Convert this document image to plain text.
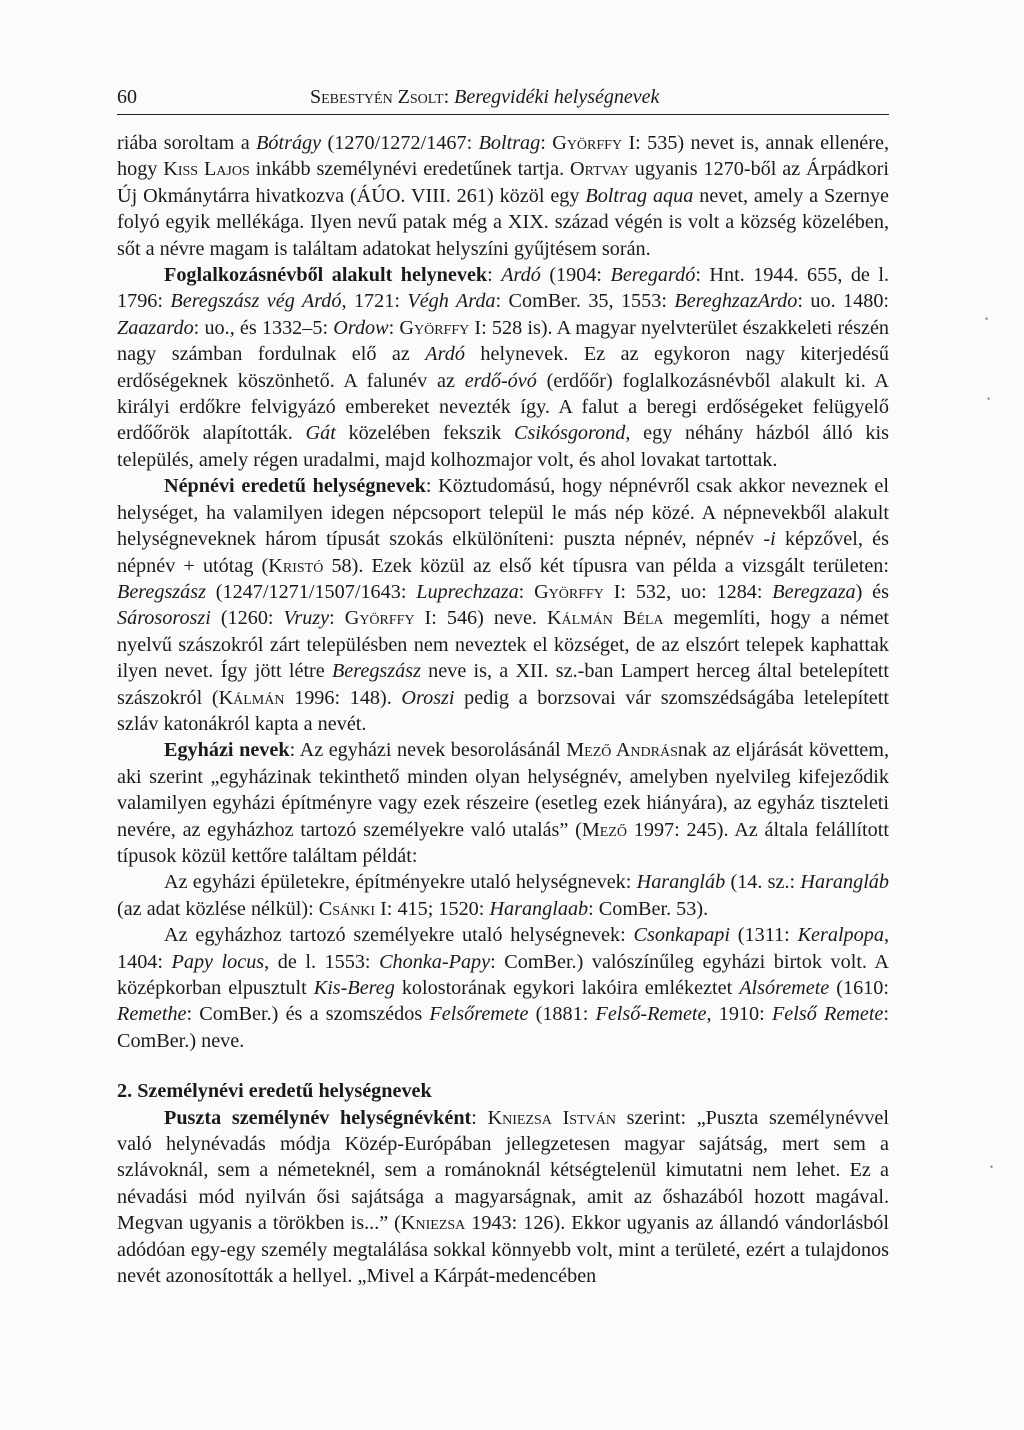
60	Sebestyén Zsolt: Beregvidéki helységnevek

riába soroltam a Bótrágy (1270/1272/1467: Boltrag: Györffy I: 535) nevet is, annak ellenére, hogy Kiss Lajos inkább személynévi eredetűnek tartja. Ortvay ugyanis 1270-ből az Árpádkori Új Okmánytárra hivatkozva (ÁÚO. VIII. 261) közöl egy Boltrag aqua nevet, amely a Szernye folyó egyik mellékága. Ilyen nevű patak még a XIX. század végén is volt a község közelében, sőt a névre magam is találtam adatokat helyszíni gyűjtésem során.

Foglalkozásnévből alakult helynevek: Ardó (1904: Beregardó: Hnt. 1944. 655, de l. 1796: Beregszász vég Ardó, 1721: Végh Arda: ComBer. 35, 1553: BereghzazArdo: uo. 1480: Zaazardo: uo., és 1332–5: Ordow: Györffy I: 528 is). A magyar nyelvterület északkeleti részén nagy számban fordulnak elő az Ardó helynevek. Ez az egykoron nagy kiterjedésű erdőségeknek köszönhető. A falunév az erdő-óvó (erdőőr) foglalkozásnévből alakult ki. A királyi erdőkre felvigyázó embereket nevezték így. A falut a beregi erdőségeket felügyelő erdőőrök alapították. Gát közelében fekszik Csikósgorond, egy néhány házból álló kis település, amely régen uradalmi, majd kolhozmajor volt, és ahol lovakat tartottak.

Népnévi eredetű helységnevek: Köztudomású, hogy népnévről csak akkor neveznek el helységet, ha valamilyen idegen népcsoport települ le más nép közé. A népnevekből alakult helységneveknek három típusát szokás elkülöníteni: puszta népnév, népnév -i képzővel, és népnév + utótag (Kristó 58). Ezek közül az első két típusra van példa a vizsgált területen: Beregszász (1247/1271/1507/1643: Luprechzaza: Györffy I: 532, uo: 1284: Beregzaza) és Sárosoroszi (1260: Vruzy: Györffy I: 546) neve. Kálmán Béla megemlíti, hogy a német nyelvű szászokról zárt településben nem neveztek el községet, de az elszórt telepek kaphattak ilyen nevet. Így jött létre Beregszász neve is, a XII. sz.-ban Lampert herceg által betelepített szászokról (Kálmán 1996: 148). Oroszi pedig a borzsovai vár szomszédságába letelepített szláv katonákról kapta a nevét.

Egyházi nevek: Az egyházi nevek besorolásánál Mező Andrásnak az eljárását követtem, aki szerint „egyházinak tekinthető minden olyan helységnév, amelyben nyelvileg kifejeződik valamilyen egyházi építményre vagy ezek részeire (esetleg ezek hiányára), az egyház tiszteleti nevére, az egyházhoz tartozó személyekre való utalás” (Mező 1997: 245). Az általa felállított típusok közül kettőre találtam példát:

Az egyházi épületekre, építményekre utaló helységnevek: Harangláb (14. sz.: Harangláb (az adat közlése nélkül): Csánki I: 415; 1520: Haranglaab: ComBer. 53).

Az egyházhoz tartozó személyekre utaló helységnevek: Csonkapapi (1311: Keralpopa, 1404: Papy locus, de l. 1553: Chonka-Papy: ComBer.) valószínűleg egyházi birtok volt. A középkorban elpusztult Kis-Bereg kolostorának egykori lakóira emlékeztet Alsóremete (1610: Remethe: ComBer.) és a szomszédos Felsőremete (1881: Felső-Remete, 1910: Felső Remete: ComBer.) neve.

2. Személynévi eredetű helységnevek

Puszta személynév helységnévként: Kniezsa István szerint: „Puszta személynévvel való helynévadás módja Közép-Európában jellegzetesen magyar sajátság, mert sem a szlávoknál, sem a németeknél, sem a románoknál kétségtelenül kimutatni nem lehet. Ez a névadási mód nyilván ősi sajátsága a magyarságnak, amit az őshazából hozott magával. Megvan ugyanis a törökben is...” (Kniezsa 1943: 126). Ekkor ugyanis az állandó vándorlásból adódóan egy-egy személy megtalálása sokkal könnyebb volt, mint a területé, ezért a tulajdonos nevét azonosították a hellyel. „Mivel a Kárpát-medencében

•
•
•
